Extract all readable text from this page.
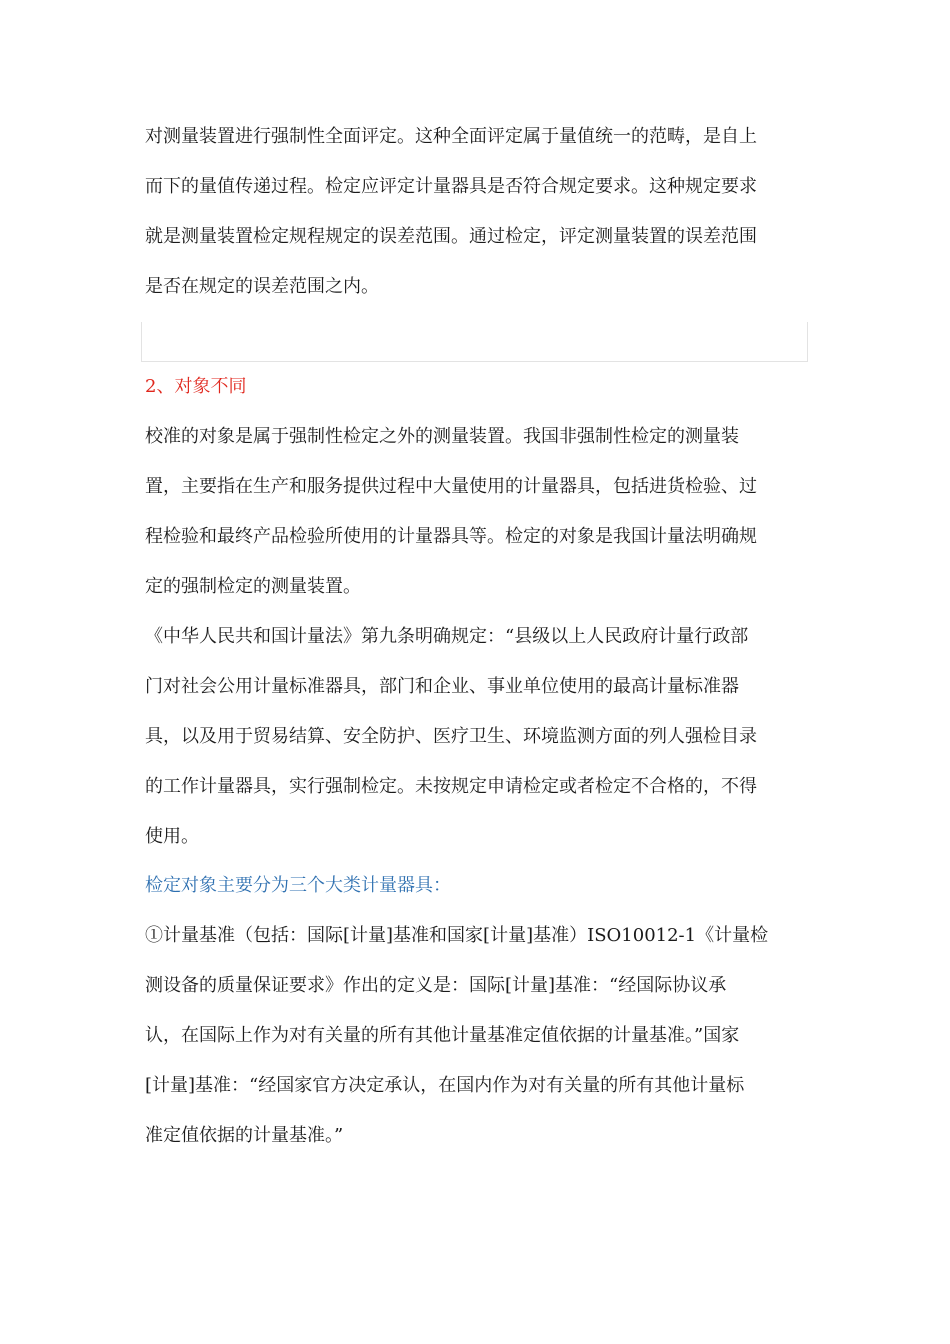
对测量装置进行强制性全面评定。这种全面评定属于量值统一的范畴，是自上
而下的量值传递过程。检定应评定计量器具是否符合规定要求。这种规定要求
就是测量装置检定规程规定的误差范围。通过检定，评定测量装置的误差范围
是否在规定的误差范围之内。

2、对象不同

校准的对象是属于强制性检定之外的测量装置。我国非强制性检定的测量装
置，主要指在生产和服务提供过程中大量使用的计量器具，包括进货检验、过
程检验和最终产品检验所使用的计量器具等。检定的对象是我国计量法明确规
定的强制检定的测量装置。

《中华人民共和国计量法》第九条明确规定：“县级以上人民政府计量行政部
门对社会公用计量标准器具，部门和企业、事业单位使用的最高计量标准器
具，以及用于贸易结算、安全防护、医疗卫生、环境监测方面的列人强检目录
的工作计量器具，实行强制检定。未按规定申请检定或者检定不合格的，不得
使用。

检定对象主要分为三个大类计量器具：

①计量基准（包括：国际[计量]基准和国家[计量]基准）ISO10012-1《计量检
测设备的质量保证要求》作出的定义是：国际[计量]基准：“经国际协议承
认，在国际上作为对有关量的所有其他计量基准定值依据的计量基准。”国家
[计量]基准：“经国家官方决定承认，在国内作为对有关量的所有其他计量标
准定值依据的计量基准。”
